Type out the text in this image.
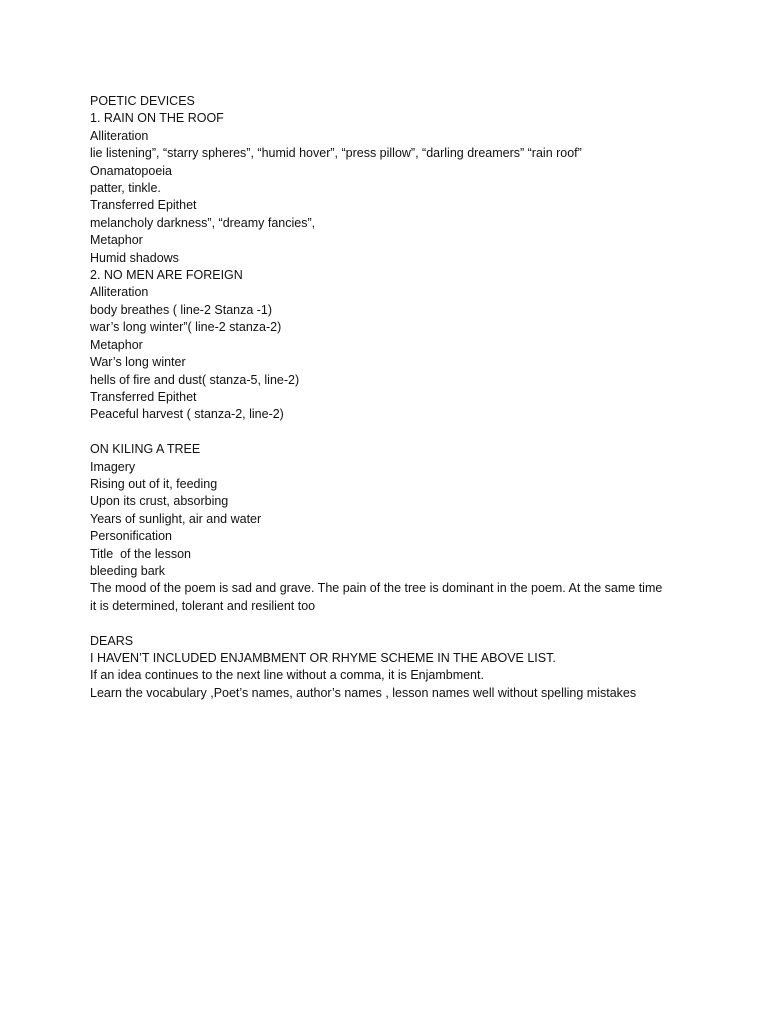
POETIC DEVICES

1. RAIN ON THE ROOF

Alliteration

lie listening”, “starry spheres”, “humid hover”, “press pillow”, “darling dreamers” “rain roof”

Onamatopoeia

patter, tinkle.

Transferred Epithet

melancholy darkness”, “dreamy fancies”,

Metaphor

Humid shadows

2. NO MEN ARE FOREIGN

Alliteration

body breathes ( line-2 Stanza -1)

war’s long winter”( line-2 stanza-2)

Metaphor

War’s long winter

hells of fire and dust( stanza-5, line-2)

Transferred Epithet

Peaceful harvest ( stanza-2, line-2)

ON KILING A TREE

Imagery

Rising out of it, feeding

Upon its crust, absorbing

Years of sunlight, air and water

Personification

Title  of the lesson

bleeding bark

The mood of the poem is sad and grave. The pain of the tree is dominant in the poem. At the same time

it is determined, tolerant and resilient too

DEARS

I HAVEN’T INCLUDED ENJAMBMENT OR RHYME SCHEME IN THE ABOVE LIST.

If an idea continues to the next line without a comma, it is Enjambment.

Learn the vocabulary ,Poet’s names, author’s names , lesson names well without spelling mistakes
